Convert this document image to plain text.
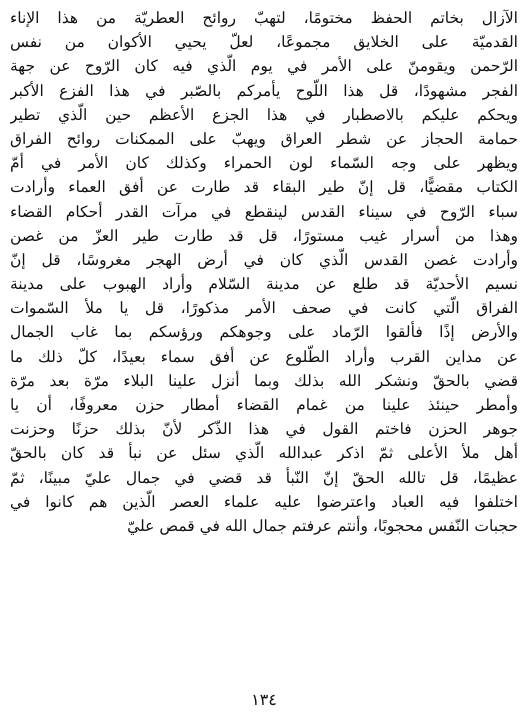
الآزال بخاتم الحفظ مختومًا، لتهبّ روائح العطريّة من هذا الإناء
القدميّة على الخلايق مجموعًا، لعلّ يحيي الأكوان من نفس
الرّحمن ويقومنّ على الأمر في يوم الّذي فيه كان الرّوح عن جهة
الفجر مشهودًا، قل هذا اللّوح يأمركم بالصّبر في هذا الفزع الأكبر
ويحكم عليكم بالاصطبار في هذا الجزع الأعظم حين الّذي تطير
حمامة الحجاز عن شطر العراق ويهبّ على الممكنات روائح الفراق
ويظهر على وجه السّماء لون الحمراء وكذلك كان الأمر في أمّ
الكتاب مقضيًّا، قل إنّ طير البقاء قد طارت عن أفق العماء وأرادت
سباء الرّوح في سيناء القدس لينقطع في مرآت القدر أحكام القضاء
وهذا من أسرار غيب مستورًا، قل قد طارت طير العزّ من غصن
وأرادت غصن القدس الّذي كان في أرض الهجر مغروسًا، قل إنّ
نسيم الأحديّة قد طلع عن مدينة السّلام وأراد الهبوب على مدينة
الفراق الّتي كانت في صحف الأمر مذكورًا، قل يا ملأ السّموات
والأرض إذًا فألقوا الرّماد على وجوهكم ورؤسكم بما غاب الجمال
عن مداين القرب وأراد الطّلوع عن أفق سماء بعيدًا، كلّ ذلك ما
قضي بالحقّ ونشكر الله بذلك وبما أنزل علينا البلاء مرّة بعد مرّة
وأمطر حينئذ علينا من غمام القضاء أمطار حزن معروفًا، أن يا
جوهر الحزن فاختم القول في هذا الذّكر لأنّ بذلك حزنًا وحزنت
أهل ملأ الأعلى ثمّ اذكر عبدالله الّذي سئل عن نبأ قد كان بالحقّ
عظيمًا، قل تالله الحقّ إنّ النّبأ قد قضي في جمال عليّ مبينًا، ثمّ
اختلفوا فيه العباد واعترضوا عليه علماء العصر الّذين هم كانوا في
حجبات النّفس محجوبًا، وأنتم عرفتم جمال الله في قمص عليّ
١٣٤
